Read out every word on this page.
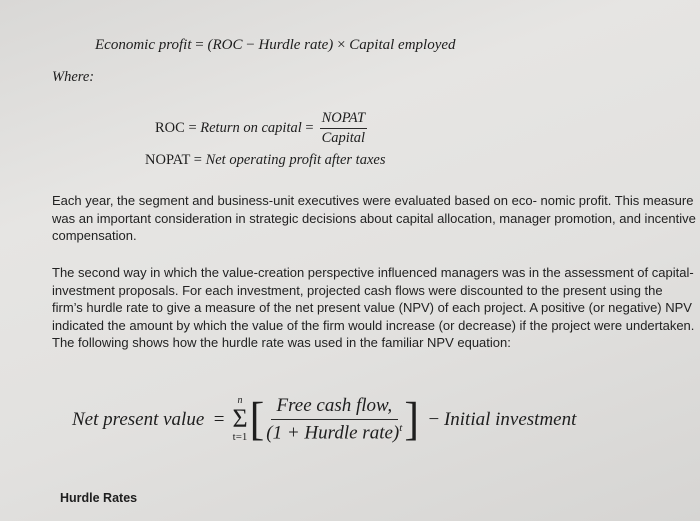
Economic profit = (ROC − Hurdle rate) × Capital employed
Where:
ROC
=
Return on capital
= $\frac{\text{NOPAT}}{\text{Capital}}$
NOPAT = Net operating profit after taxes
Each year, the segment and business-unit executives were evaluated based on eco- nomic profit. This measure was an important consideration in strategic decisions about capital allocation, manager promotion, and incentive compensation.
The second way in which the value-creation perspective influenced managers was in the assessment of capital-investment proposals. For each investment, projected cash flows were discounted to the present using the firm’s hurdle rate to give a measure of the net present value (NPV) of each project. A positive (or negative) NPV indicated the amount by which the value of the firm would increase (or decrease) if the project were undertaken. The following shows how the hurdle rate was used in the familiar NPV equation:
Net present value
=
n
Σ
t=1 [ $\frac{\text{Free cash flow,}}{(1 + Hurdle rate)^t}$ ]
−
Initial investment
Hurdle Rates
